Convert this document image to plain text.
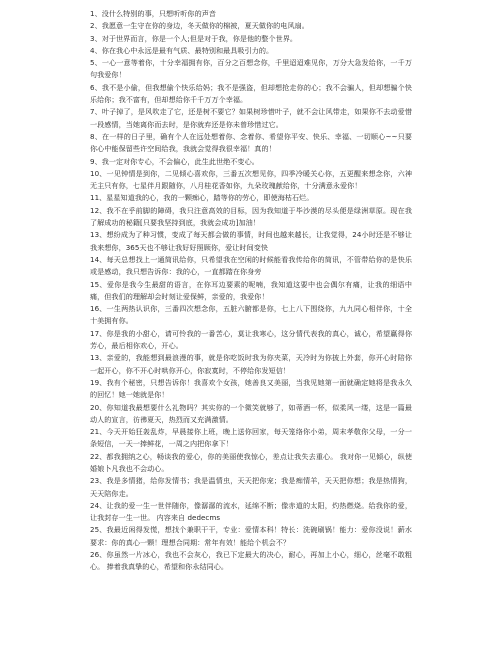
1、没什么特别的事，只想听听你的声音

2、我愿意一生守在你的身边，冬天做你的棉被，夏天做你的电风扇。

3、对于世界而言，你是一个人;但是对于我，你是他的整个世界。

4、你在我心中永远是最有气质、最特别和最具吸引力的。

5、一心一意等着你，十分幸福拥有你，百分之百想念你，千里迢迢难见你，万分大急发给你，一千万句我爱你！

6、我不是小偷，但我想偷个快乐给妈；我不是强盗，但却想抢走你的心；我不会骗人，但却想骗个快乐给你；我不富有，但却想给你千千万万个幸福。

7、叶子掉了，是风吹走了它，还是树不要它？如果树珍惜叶子，就不会让风带走，如果你不去动爱惜一段感情，当她离你而去时，是你就弃还是你未曾珍惜过它。

8、在一样的日子里，确有个人在远处想着你、念着你、希望你平安、快乐、幸福、一切顺心~~只要你心中能保留些许空间给我，我就会觉得我很幸福！真的！

9、我一定对你专心，不会偏心，此生此世绝不变心。

10、一见钟情是到你，二见倾心喜欢你，三番五次想见你，四季冷暖关心你，五更醒来想念你，六神无主只有你，七星伴月跟随你，八月桂花香如你，九朵玫瑰献给你，十分满意永爱你！

11、星星知道我的心，我的一颗痴心，踏等你的劳心，即使海枯石烂。

12、我不在乎前脚的障碍，我只注意高效的目标，因为我知道于毕沙漠的尽头便是绿洲草原。现在我了解成功的秘籍[只要我坚持到底，我就会成功]加油！

13、想纷成为了种习惯，变成了每天都会做的事情，时间也越来越长，让我觉得，24小时还是不够让我来想你，365天也不够让我好好照顾你，爱让时间变快

14、每天总想找上一通简讯给你，只希望我在空闲的时候能看我传给你的简讯，不管带给你的是快乐或是感动，我只想告诉你：我的心，一直都踏在你身旁

15、爱你是我今生最甜的语言，在你耳边要素的呢喃，我知道这要中也会偶尔有痛，让我的细语中痛，但我们的理解却会时刻让爱保鲜，亲爱的，我爱你！

16、一生两热认识你，三番四次想念你，五脏六腑都是你，七上八下围绕你，九九同心相伴你，十全十美拥有你。

17、你是我的小甜心，请可怜我的一番苦心，莫让我寒心，这分情代表我的真心，诚心，希望赢得你芳心，最后相你欢心，开心。

13、亲爱的，我能想到最浪漫的事，就是你吃饭时我为你夹菜，天冷时为你披上外套，你开心时陪你一起开心，你不开心时哄你开心，你寂寞时，不停给你发短信！

19、我有个秘密，只想告诉你！我喜欢个女孩，她善良又美丽，当我见她第一面就确定她将是我永久的回忆！她一她就是你！

20、你知道我最想要什么礼物吗？其实你的一个微笑就够了，如蒂酒一杯，似柔风一缕，这是一篇最动人的宣言，彷彿夏天，热烈而又充满激情。

21、今天开始狂轰乱炸，早晨接你上班，晚上送你回家，每天笼络你小弟，周末孝敬你父母，一分一条短信，一天一捧鲜花，一周之内把你拿下！

22、都我拥纳之心，畅谈我的爱心，你的美丽使我惊心，差点让我失去重心。 我对你一见倾心，纵使婚娘卜凡我也不会动心。

23、我是多情猪，给你发情书；我是温情虫，天天把你宠；我是痴情羊，天天把你想；我是热情狗，天天陪你走。

24、让我的爱一生一世伴随你，像潺潺的流水，延绵不断；像赤道的太阳，灼热燃烧。给我你的爱，让我封存一生一世。 内容来自 dedecms

25、我最近闲得发慌，想找个兼职干干，专业：爱情本科！特长：洗碗刷锅！能力：爱你没说！薪水要求：你的真心一颗！理想合同期：常年有效！能给个机会不？

26、你虽然一片冰心，我也不会灰心，我已下定最大的决心，耐心，再加上小心，细心，丝毫不敢粗心。 捧着我真挚的心，希望和你永结同心。
